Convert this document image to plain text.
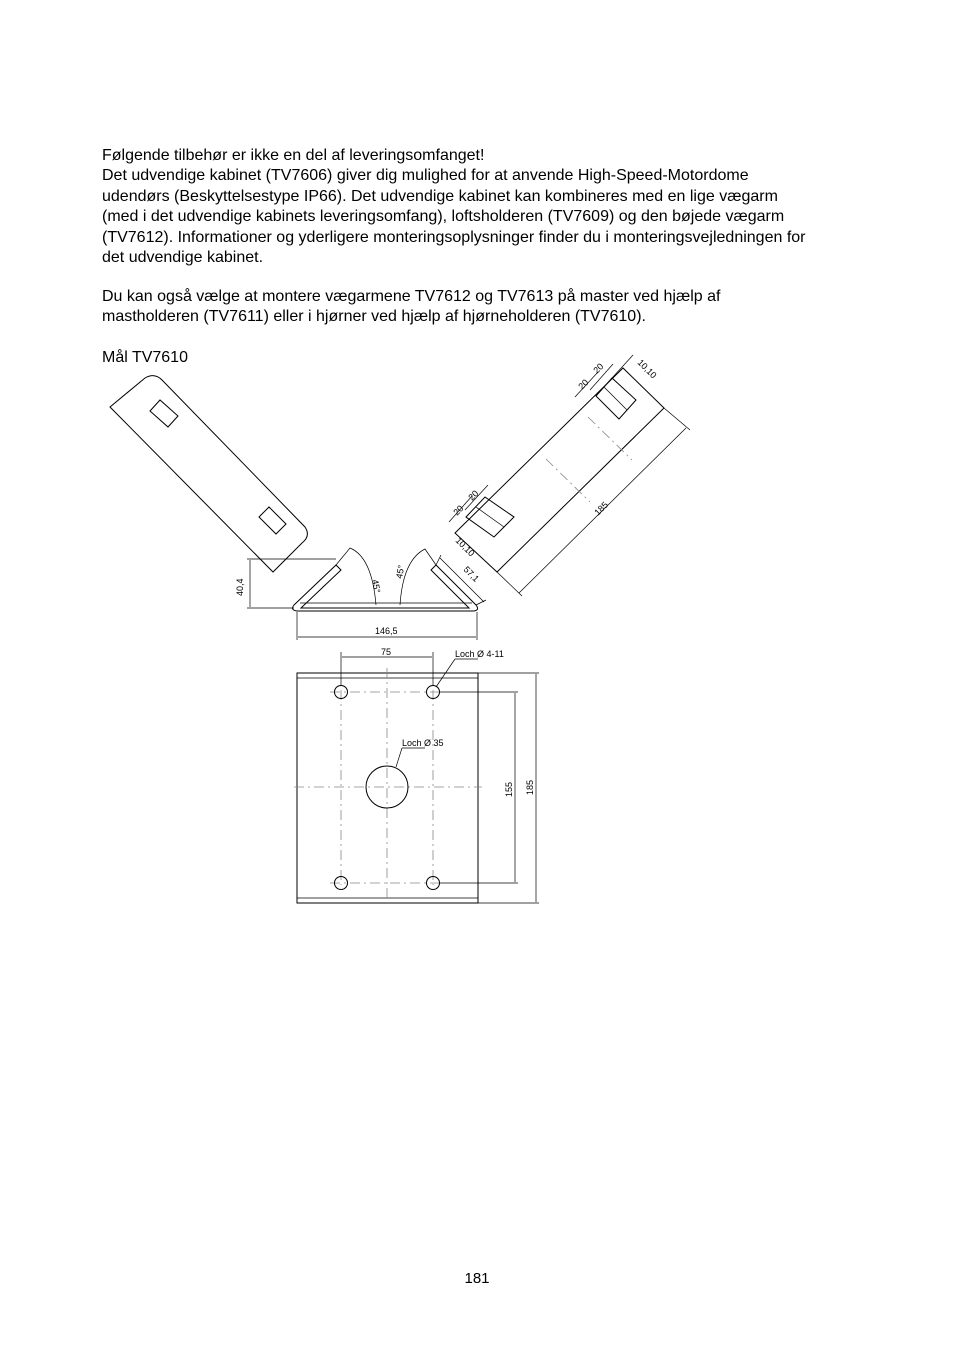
Følgende tilbehør er ikke en del af leveringsomfanget!
Det udvendige kabinet (TV7606) giver dig mulighed for at anvende High-Speed-Motordome
udendørs (Beskyttelsestype IP66). Det udvendige kabinet kan kombineres med en lige vægarm
(med i det udvendige kabinets leveringsomfang), loftsholderen (TV7609) og den bøjede vægarm
(TV7612). Informationer og yderligere monteringsoplysninger finder du i monteringsvejledningen for
det udvendige kabinet.
Du kan også vælge at montere vægarmene TV7612 og TV7613 på master ved hjælp af
mastholderen (TV7611) eller i hjørner ved hjælp af hjørneholderen (TV7610).

Mål TV7610

185
20
20	10,10
20
20
10,10
45°
45°	57,1
40,4
146,5
75	Loch Ø 4-11
Loch Ø 35
155 185

181
